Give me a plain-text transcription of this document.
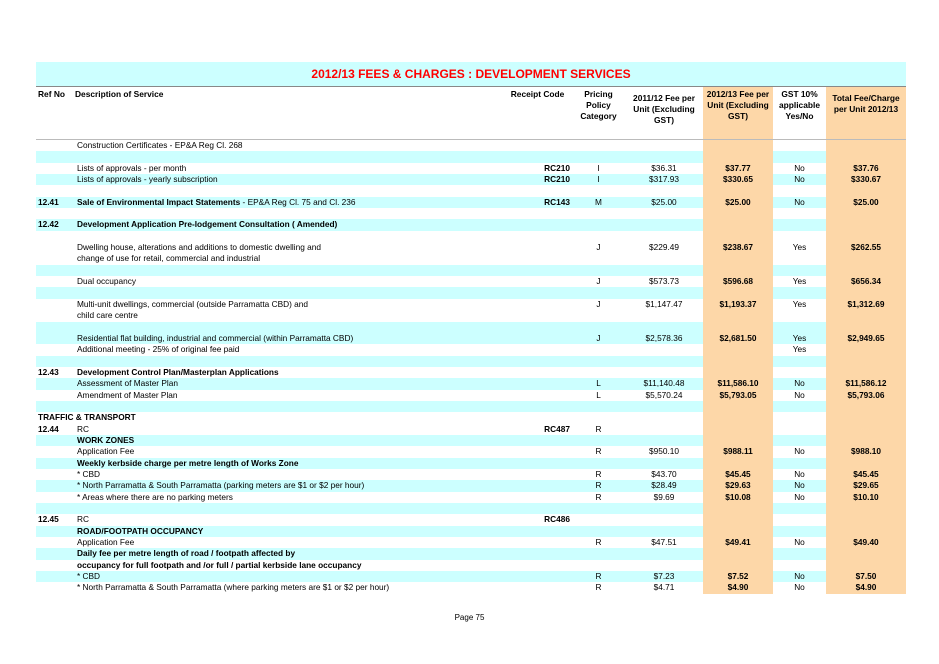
2012/13 FEES & CHARGES : DEVELOPMENT SERVICES
Ref No	Description of Service	Receipt Code	Pricing Policy Category	2011/12 Fee per Unit (Excluding GST)	2012/13 Fee per Unit (Excluding GST)	GST 10% applicable Yes/No	Total Fee/Charge per Unit 2012/13
	Construction Certificates - EP&A Reg Cl. 268						

	Lists of approvals - per month	RC210	I	$36.31	$37.77	No	$37.76
	Lists of approvals - yearly subscription	RC210	I	$317.93	$330.65	No	$330.67

12.41	Sale of Environmental Impact Statements - EP&A Reg Cl. 75 and Cl. 236	RC143	M	$25.00	$25.00	No	$25.00

12.42	Development Application Pre-lodgement Consultation ( Amended)						

	Dwelling house, alterations and additions to domestic dwelling and		J	$229.49	$238.67	Yes	$262.55
	change of use for retail, commercial and industrial						

	Dual occupancy		J	$573.73	$596.68	Yes	$656.34

	Multi-unit dwellings, commercial (outside Parramatta CBD) and		J	$1,147.47	$1,193.37	Yes	$1,312.69
	child care centre						

	Residential flat building, industrial and commercial (within Parramatta CBD)		J	$2,578.36	$2,681.50	Yes	$2,949.65
	Additional meeting - 25% of original fee paid					Yes	

12.43	Development Control Plan/Masterplan Applications						
	Assessment of Master Plan		L	$11,140.48	$11,586.10	No	$11,586.12
	Amendment of Master Plan		L	$5,570.24	$5,793.05	No	$5,793.06

TRAFFIC & TRANSPORT							
12.44	RC	RC487	R				
	WORK ZONES						
	Application Fee		R	$950.10	$988.11	No	$988.10
	Weekly kerbside charge per metre length of Works Zone						
	* CBD		R	$43.70	$45.45	No	$45.45
	* North Parramatta & South Parramatta (parking meters are $1 or $2 per hour)		R	$28.49	$29.63	No	$29.65
	* Areas where there are no parking meters		R	$9.69	$10.08	No	$10.10

12.45	RC	RC486					
	ROAD/FOOTPATH OCCUPANCY						
	Application Fee		R	$47.51	$49.41	No	$49.40
	Daily fee per metre length of road / footpath affected by						
	occupancy for full footpath and /or full / partial kerbside lane occupancy						
	* CBD		R	$7.23	$7.52	No	$7.50
	* North Parramatta & South Parramatta (where parking meters are $1 or $2 per hour)		R	$4.71	$4.90	No	$4.90
Page 75
